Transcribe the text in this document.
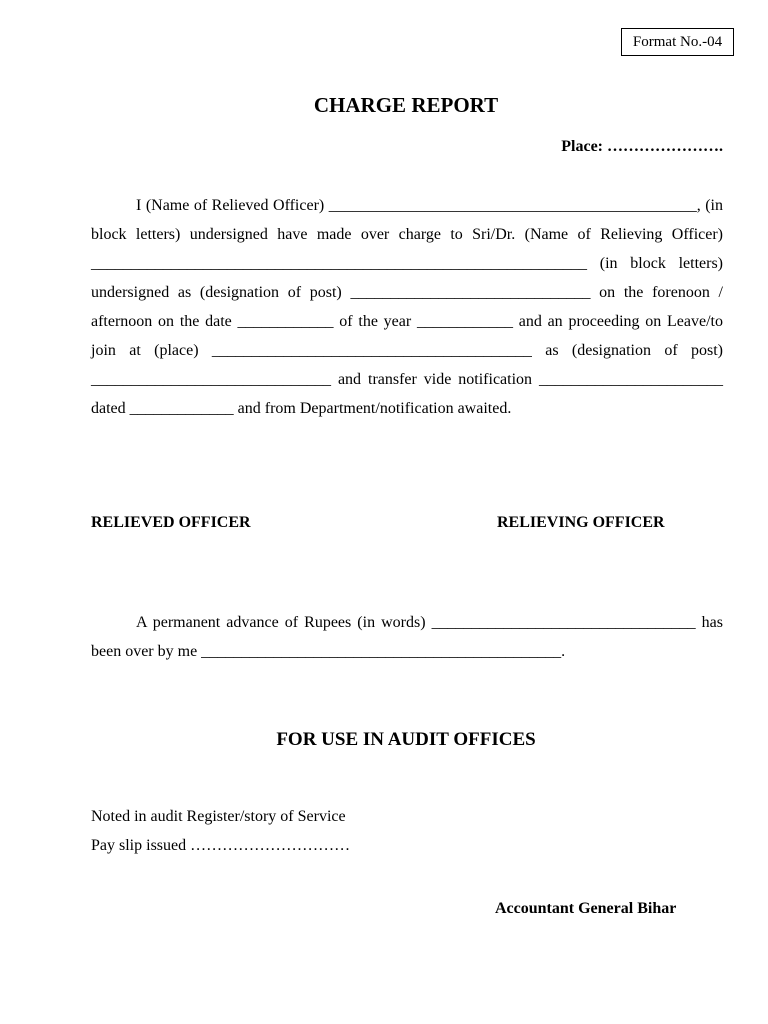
Format No.-04
CHARGE REPORT
Place: ………………….

I (Name of Relieved Officer) ______________________________________________, (in block letters) undersigned have made over charge to Sri/Dr. (Name of Relieving Officer) ______________________________________________________________ (in block letters) undersigned as (designation of post) ______________________________ on the forenoon / afternoon on the date ____________ of the year ____________ and an proceeding on Leave/to join at (place) ________________________________________ as (designation of post) ______________________________ and transfer vide notification _______________________ dated _____________ and from Department/notification awaited.

RELIEVED OFFICER	RELIEVING OFFICER

A permanent advance of Rupees (in words) _________________________________ has been over by me _____________________________________________.

FOR USE IN AUDIT OFFICES
Noted in audit Register/story of Service
Pay slip issued …………………………
Accountant General Bihar
